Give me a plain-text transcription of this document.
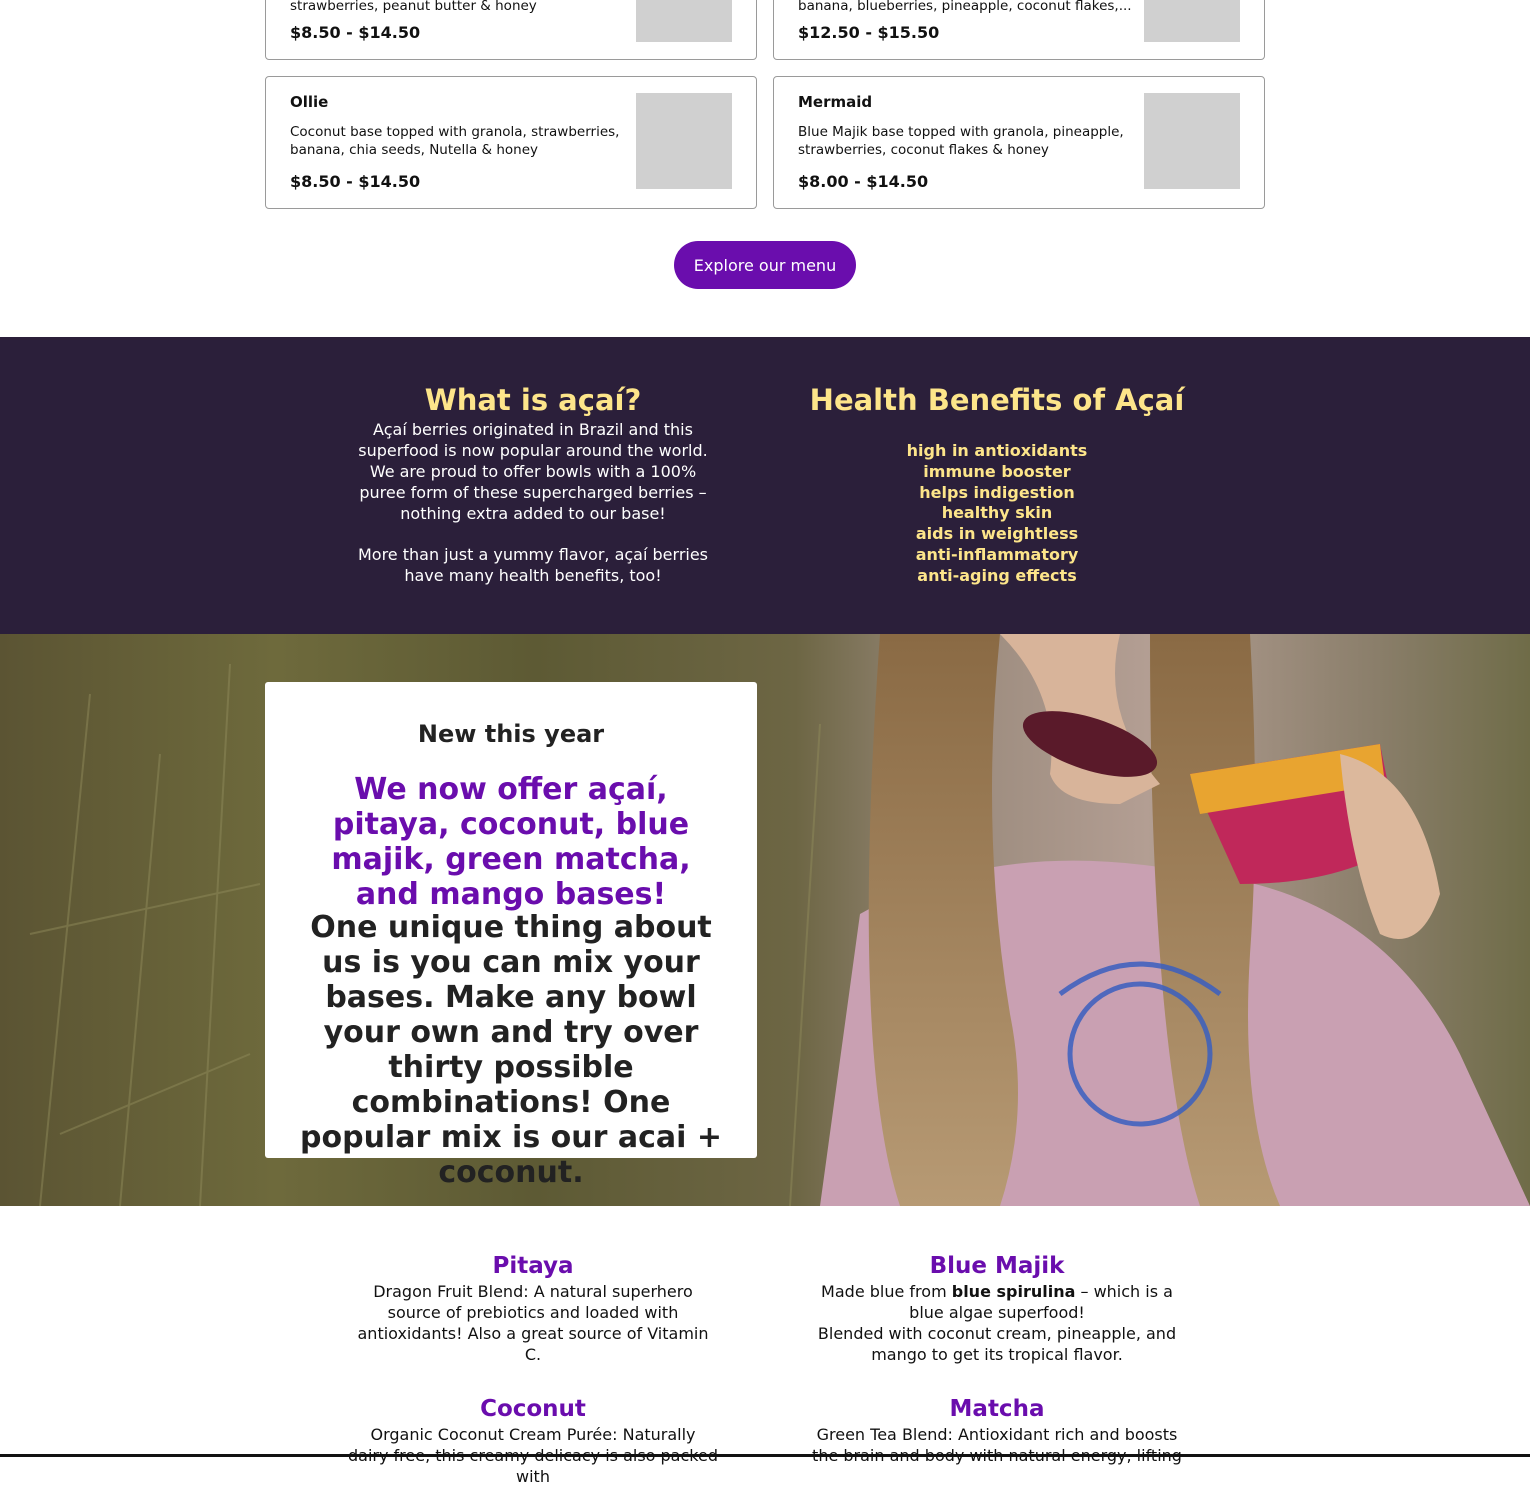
strawberries, peanut butter & honey
$8.50 - $14.50
banana, blueberries, pineapple, coconut flakes,...
$12.50 - $15.50
Ollie
Coconut base topped with granola, strawberries, banana, chia seeds, Nutella & honey
$8.50 - $14.50
Mermaid
Blue Majik base topped with granola, pineapple, strawberries, coconut flakes & honey
$8.00 - $14.50
Explore our menu
What is açaí?
Açaí berries originated in Brazil and this superfood is now popular around the world. We are proud to offer bowls with a 100% puree form of these supercharged berries – nothing extra added to our base!
More than just a yummy flavor, açaí berries have many health benefits, too!
Health Benefits of Açaí
high in antioxidants
immune booster
helps indigestion
healthy skin
aids in weightless
anti-inflammatory
anti-aging effects
New this year
We now offer açaí, pitaya, coconut, blue majik, green matcha, and mango bases!
One unique thing about us is you can mix your bases. Make any bowl your own and try over thirty possible combinations! One popular mix is our acai + coconut.
Pitaya
Dragon Fruit Blend: A natural superhero source of prebiotics and loaded with antioxidants! Also a great source of Vitamin C.
Blue Majik
Made blue from blue spirulina – which is a blue algae superfood!
Blended with coconut cream, pineapple, and mango to get its tropical flavor.
Coconut
Organic Coconut Cream Purée: Naturally with
Matcha
Green Tea Blend: Antioxidant rich and boosts
